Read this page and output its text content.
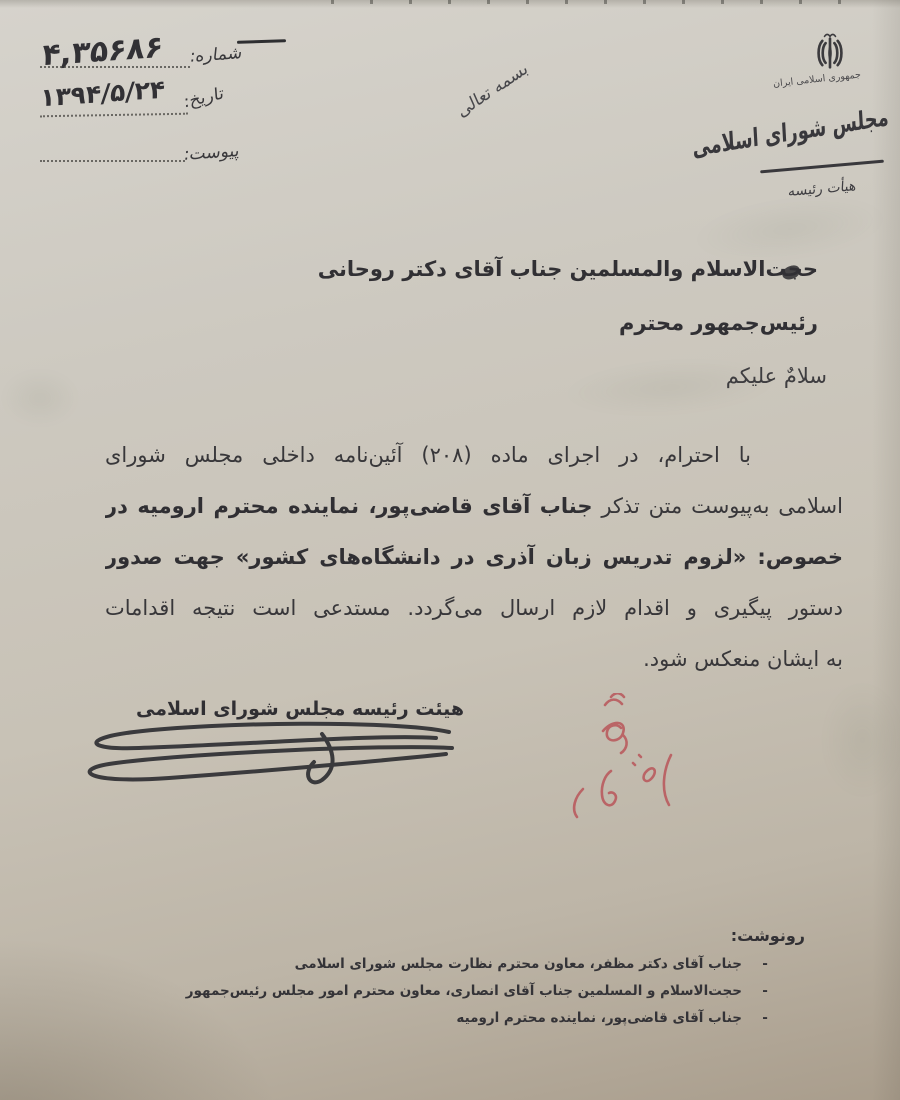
۴,۳۵۶۸۶ شماره:
۱۳۹۴/۵/۲۴ تاریخ:
پیوست:
جمهوری اسلامی ایران
مجلس شورای اسلامی
هیأت رئیسه
بسمه تعالی
حجت‌الاسلام والمسلمین جناب آقای دکتر روحانی
رئیس‌جمهور محترم
سلامٌ علیکم
با احترام، در اجرای ماده (۲۰۸) آئین‌نامه داخلی مجلس شورای
اسلامی به‌پیوست متن تذکر جناب آقای قاضی‌پور، نماینده محترم ارومیه در
خصوص: «لزوم تدریس زبان آذری در دانشگاه‌های کشور» جهت صدور
دستور پیگیری و اقدام لازم ارسال می‌گردد. مستدعی است نتیجه اقدامات
به ایشان منعکس شود.
هیئت رئیسه مجلس شورای اسلامی
رونوشت:
-
جناب آقای دکتر مظفر، معاون محترم نظارت مجلس شورای اسلامی
-
حجت‌الاسلام و المسلمین جناب آقای انصاری، معاون محترم امور مجلس رئیس‌جمهور
-
جناب آقای قاضی‌پور، نماینده محترم ارومیه
